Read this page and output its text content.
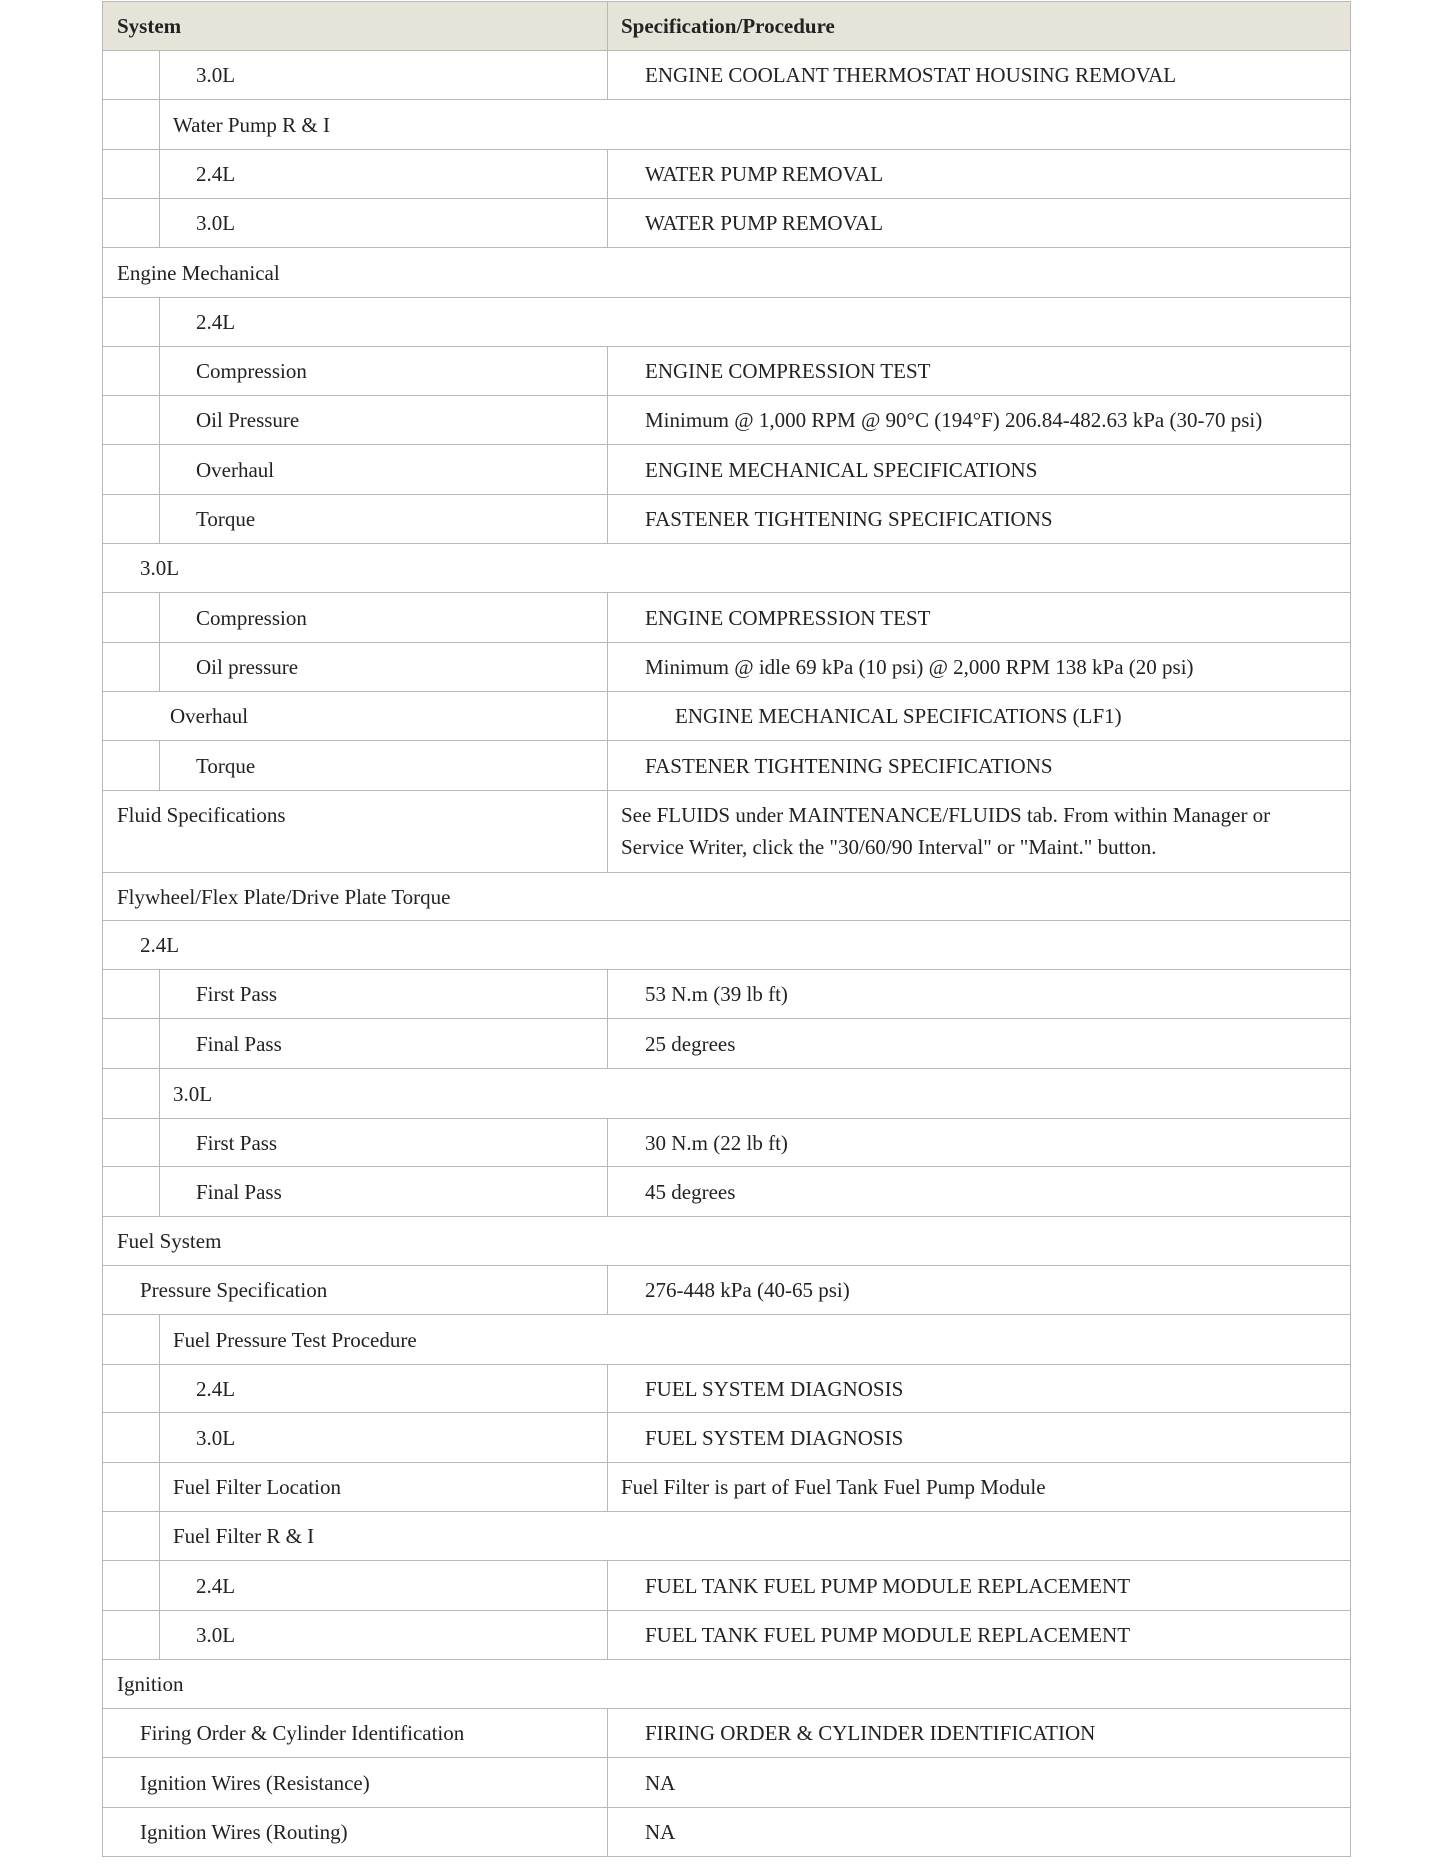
System	Specification/Procedure
3.0L	ENGINE COOLANT THERMOSTAT HOUSING REMOVAL
Water Pump R & I
2.4L	WATER PUMP REMOVAL
3.0L	WATER PUMP REMOVAL
Engine Mechanical
2.4L
Compression	ENGINE COMPRESSION TEST
Oil Pressure	Minimum @ 1,000 RPM @ 90°C (194°F) 206.84-482.63 kPa (30-70 psi)
Overhaul	ENGINE MECHANICAL SPECIFICATIONS
Torque	FASTENER TIGHTENING SPECIFICATIONS
3.0L
Compression	ENGINE COMPRESSION TEST
Oil pressure	Minimum @ idle 69 kPa (10 psi) @ 2,000 RPM 138 kPa (20 psi)
Overhaul	ENGINE MECHANICAL SPECIFICATIONS (LF1)
Torque	FASTENER TIGHTENING SPECIFICATIONS
Fluid Specifications	See FLUIDS under MAINTENANCE/FLUIDS tab. From within Manager or Service Writer, click the "30/60/90 Interval" or "Maint." button.
Flywheel/Flex Plate/Drive Plate Torque
2.4L
First Pass	53 N.m (39 lb ft)
Final Pass	25 degrees
3.0L
First Pass	30 N.m (22 lb ft)
Final Pass	45 degrees
Fuel System
Pressure Specification	276-448 kPa (40-65 psi)
Fuel Pressure Test Procedure
2.4L	FUEL SYSTEM DIAGNOSIS
3.0L	FUEL SYSTEM DIAGNOSIS
Fuel Filter Location	Fuel Filter is part of Fuel Tank Fuel Pump Module
Fuel Filter R & I
2.4L	FUEL TANK FUEL PUMP MODULE REPLACEMENT
3.0L	FUEL TANK FUEL PUMP MODULE REPLACEMENT
Ignition
Firing Order & Cylinder Identification	FIRING ORDER & CYLINDER IDENTIFICATION
Ignition Wires (Resistance)	NA
Ignition Wires (Routing)	NA
